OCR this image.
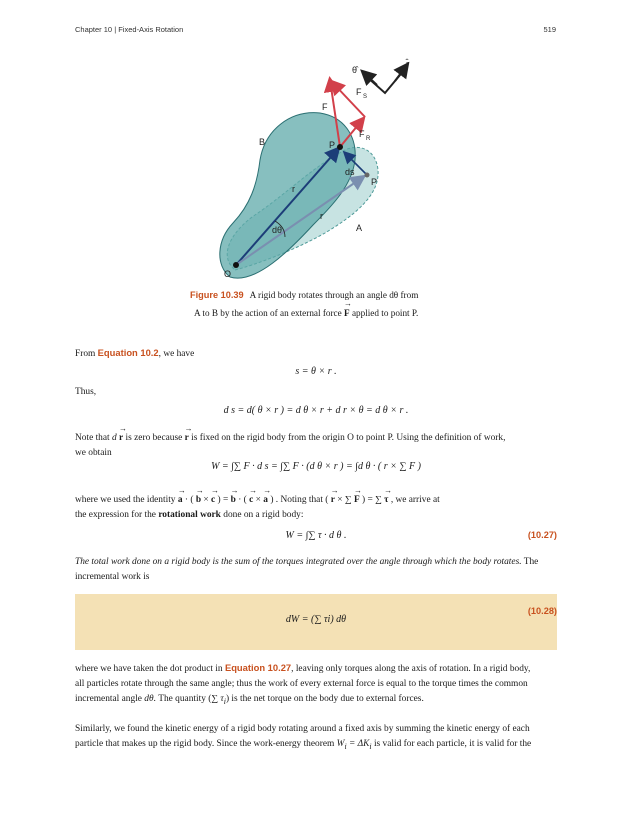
Chapter 10 | Fixed-Axis Rotation	519
θ̂
r̂
F S
F
F R
P
P
B
A
ds
r
r
dθ
O
Figure 10.39 A rigid body rotates through an angle dθ from
A to B by the action of an external force → F applied to point P.
From Equation 10.2, we have
s = θ × r .
Thus,
d s = d( θ × r ) = d θ × r + d r × θ = d θ × r .
Note that d → r is zero because → r is fixed on the rigid body from the origin O to point P. Using the definition of work,
we obtain
W = ∫∑ F · d s = ∫∑ F · (d θ × r ) = ∫d θ · ( r × ∑ F )
where we used the identity → a · ( → b × → c ) = → b · ( → c × → a ) . Noting that ( → r × ∑ → F ) = ∑ → τ , we arrive at
the expression for the rotational work done on a rigid body:
W = ∫∑ τ · d θ .	(10.27)
The total work done on a rigid body is the sum of the torques integrated over the angle through which the body rotates. The
incremental work is
dW = (∑ τi) dθ
(10.28)
where we have taken the dot product in Equation 10.27, leaving only torques along the axis of rotation. In a rigid body,
all particles rotate through the same angle; thus the work of every external force is equal to the torque times the common
incremental angle dθ. The quantity (∑ $\tau_i$) is the net torque on the body due to external forces.
Similarly, we found the kinetic energy of a rigid body rotating around a fixed axis by summing the kinetic energy of each
particle that makes up the rigid body. Since the work-energy theorem $W_i = \Delta K_i$ is valid for each particle, it is valid for the
